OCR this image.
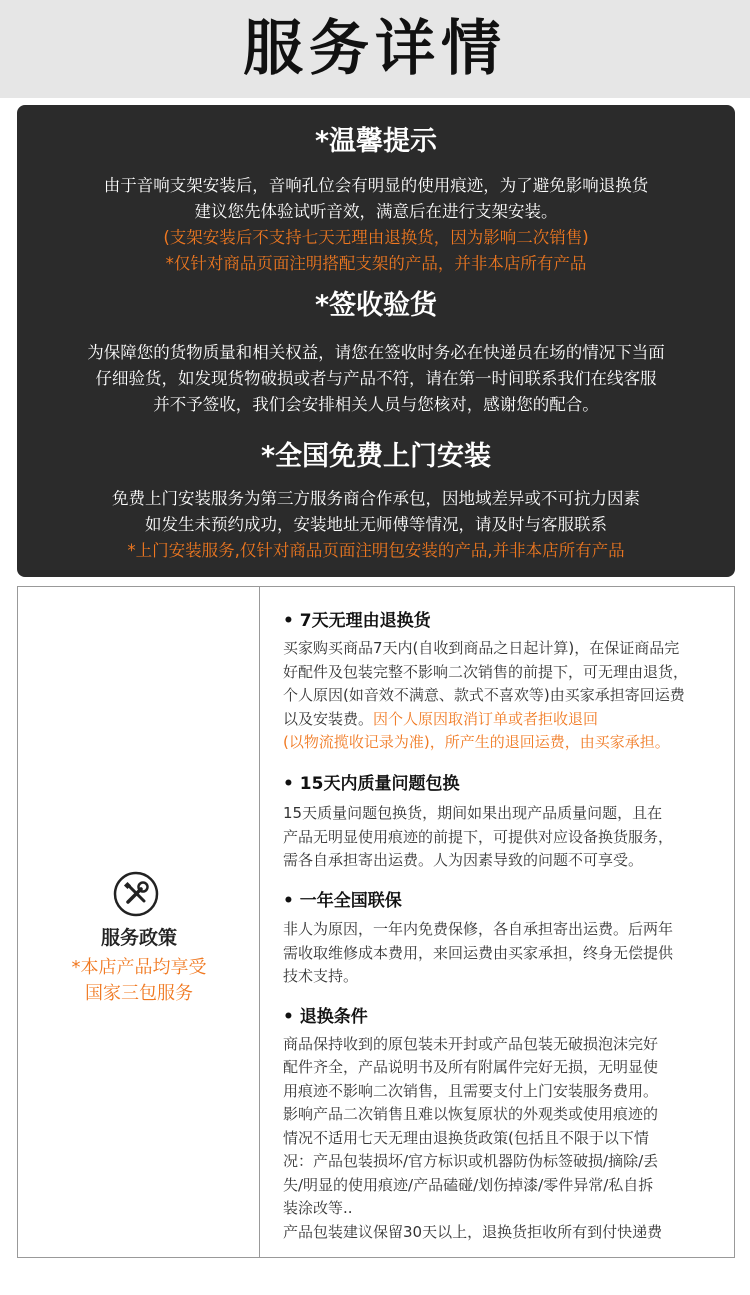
服务详情
*温馨提示
由于音响支架安装后，音响孔位会有明显的使用痕迹，为了避免影响退换货
建议您先体验试听音效，满意后在进行支架安装。
(支架安装后不支持七天无理由退换货，因为影响二次销售)
*仅针对商品页面注明搭配支架的产品，并非本店所有产品
*签收验货
为保障您的货物质量和相关权益，请您在签收时务必在快递员在场的情况下当面
仔细验货，如发现货物破损或者与产品不符，请在第一时间联系我们在线客服
并不予签收，我们会安排相关人员与您核对，感谢您的配合。
*全国免费上门安装
免费上门安装服务为第三方服务商合作承包，因地域差异或不可抗力因素
如发生未预约成功，安装地址无师傅等情况，请及时与客服联系
*上门安装服务,仅针对商品页面注明包安装的产品,并非本店所有产品
服务政策
*本店产品均享受
国家三包服务
• 7天无理由退换货
买家购买商品7天内(自收到商品之日起计算)，在保证商品完
好配件及包装完整不影响二次销售的前提下，可无理由退货，
个人原因(如音效不满意、款式不喜欢等)由买家承担寄回运费
以及安装费。因个人原因取消订单或者拒收退回
(以物流揽收记录为准)，所产生的退回运费，由买家承担。
• 15天内质量问题包换
15天质量问题包换货，期间如果出现产品质量问题，且在
产品无明显使用痕迹的前提下，可提供对应设备换货服务，
需各自承担寄出运费。人为因素导致的问题不可享受。
• 一年全国联保
非人为原因，一年内免费保修，各自承担寄出运费。后两年
需收取维修成本费用，来回运费由买家承担，终身无偿提供
技术支持。
• 退换条件
商品保持收到的原包装未开封或产品包装无破损泡沫完好
配件齐全，产品说明书及所有附属件完好无损，无明显使
用痕迹不影响二次销售，且需要支付上门安装服务费用。
影响产品二次销售且难以恢复原状的外观类或使用痕迹的
情况不适用七天无理由退换货政策(包括且不限于以下情
况：产品包装损坏/官方标识或机器防伪标签破损/摘除/丢
失/明显的使用痕迹/产品磕碰/划伤掉漆/零件异常/私自拆
装涂改等..
产品包装建议保留30天以上，退换货拒收所有到付快递费
